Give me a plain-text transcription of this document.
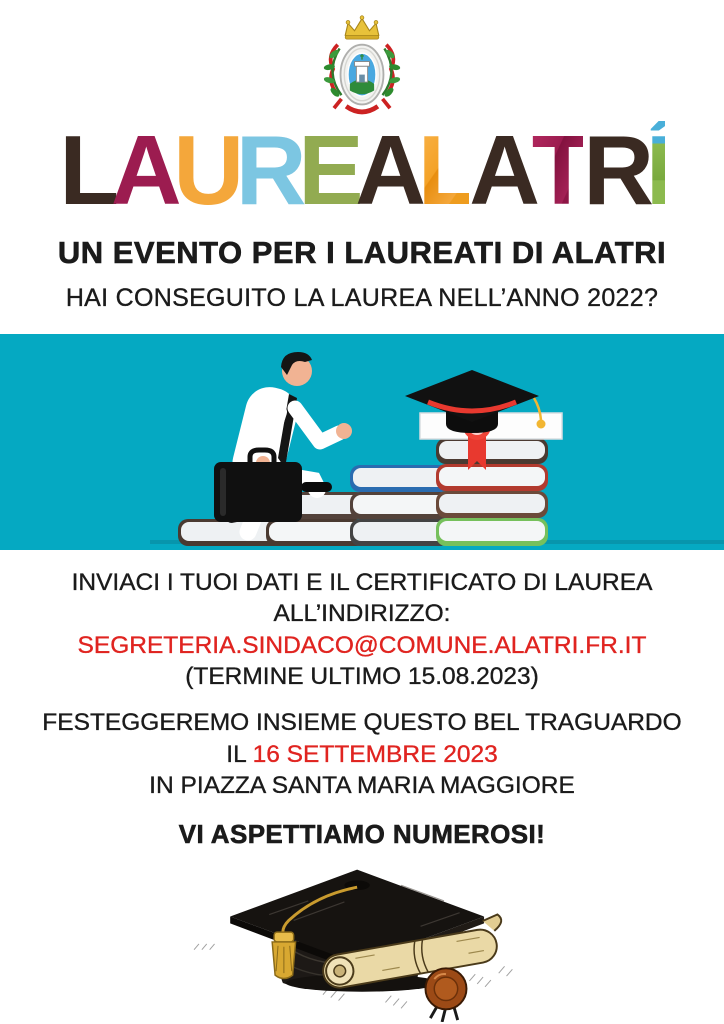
LAUREALATRÍ
UN EVENTO PER I LAUREATI DI ALATRI

HAI CONSEGUITO LA LAUREA NELL’ANNO 2022?

INVIACI I TUOI DATI E IL CERTIFICATO DI LAUREA

ALL’INDIRIZZO:

SEGRETERIA.SINDACO@COMUNE.ALATRI.FR.IT

(TERMINE ULTIMO 15.08.2023)

FESTEGGEREMO INSIEME QUESTO BEL TRAGUARDO

IL 16 SETTEMBRE 2023

IN PIAZZA SANTA MARIA MAGGIORE

VI ASPETTIAMO NUMEROSI!
